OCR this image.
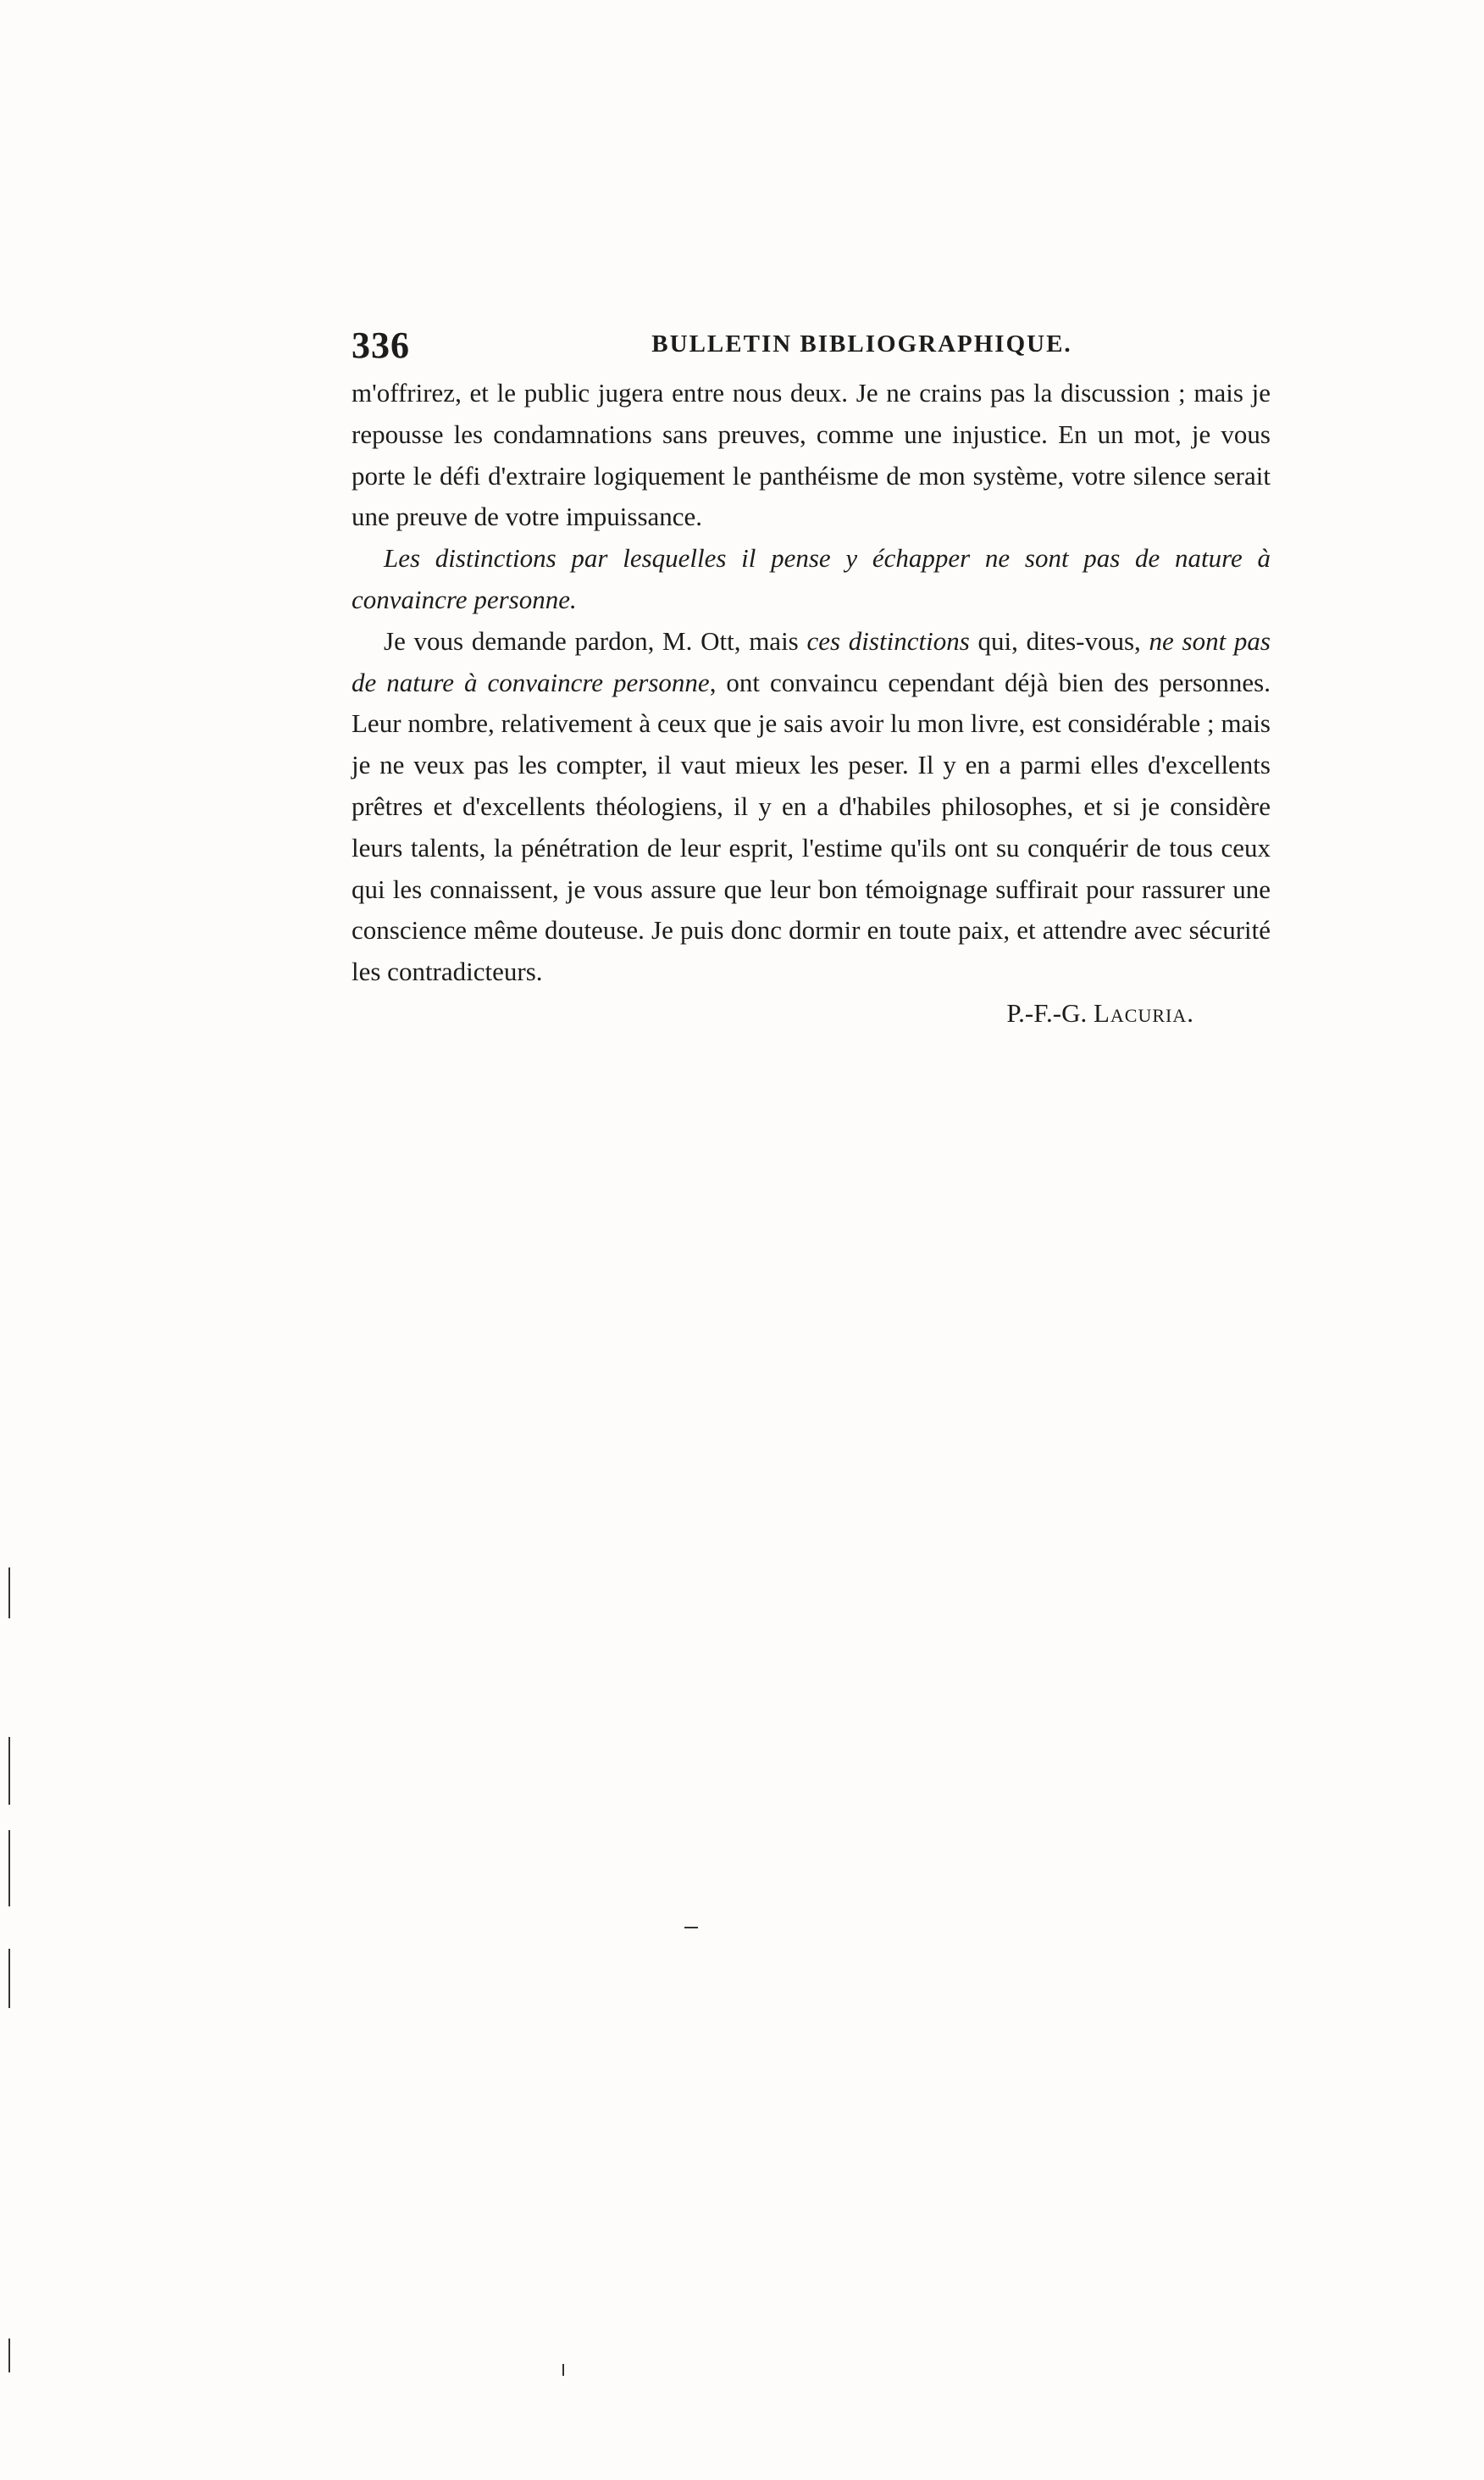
336	BULLETIN BIBLIOGRAPHIQUE.

m'offrirez, et le public jugera entre nous deux. Je ne crains pas la discussion ; mais je repousse les condamnations sans preuves, comme une injustice. En un mot, je vous porte le défi d'extraire logiquement le panthéisme de mon système, votre silence serait une preuve de votre impuissance.

Les distinctions par lesquelles il pense y échapper ne sont pas de nature à convaincre personne.

Je vous demande pardon, M. Ott, mais ces distinctions qui, dites-vous, ne sont pas de nature à convaincre personne, ont convaincu cependant déjà bien des personnes. Leur nombre, relativement à ceux que je sais avoir lu mon livre, est considérable ; mais je ne veux pas les compter, il vaut mieux les peser. Il y en a parmi elles d'excellents prêtres et d'excellents théologiens, il y en a d'habiles philosophes, et si je considère leurs talents, la pénétration de leur esprit, l'estime qu'ils ont su conquérir de tous ceux qui les connaissent, je vous assure que leur bon témoignage suffirait pour rassurer une conscience même douteuse. Je puis donc dormir en toute paix, et attendre avec sécurité les contradicteurs.

P.-F.-G. Lacuria.
